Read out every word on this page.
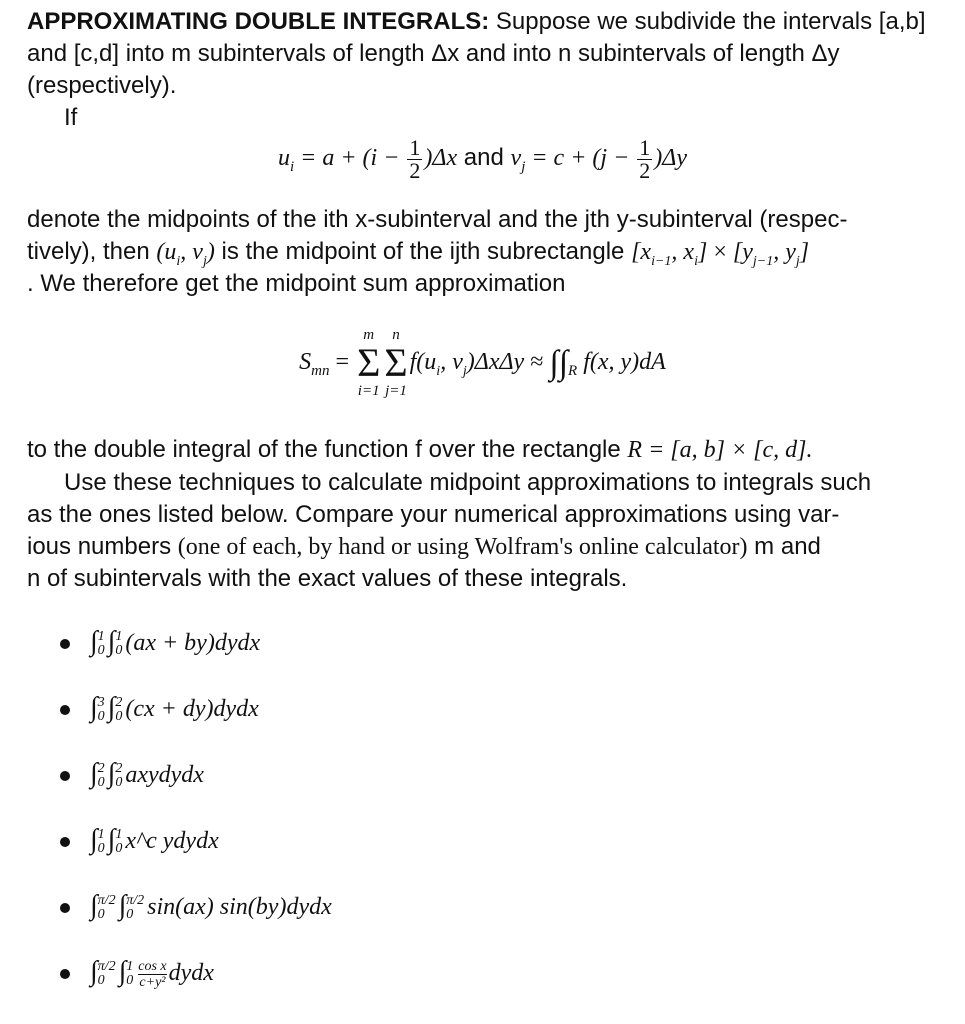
APPROXIMATING DOUBLE INTEGRALS: Suppose we subdivide the intervals [a,b] and [c,d] into m subintervals of length Δx and into n subintervals of length Δy (respectively).

If

$u_i = a + (i - \frac{1}{2} )\Delta x$ and $v_j = c + (j - \frac{1}{2} )\Delta y$

denote the midpoints of the ith x-subinterval and the jth y-subinterval (respec-

tively), then ($u_i$, $v_j$) is the midpoint of the ijth subrectangle [$x_{i-1}$, $x_i] \times [y_{j-1}$, $y_j$]

. We therefore get the midpoint sum approximation

$S_{mn}$ =
m
Σ
i=1
n
Σ
j=1
$f(u_i$, $v_j)\Delta x\Delta y \approx \int\int_R$ f(x, y)dA

to the double integral of the function f over the rectangle R = [a, b] × [c, d].

Use these techniques to calculate midpoint approximations to integrals such

as the ones listed below. Compare your numerical approximations using var-

ious numbers (one of each, by hand or using Wolfram's online calculator) m and

n of subintervals with the exact values of these integrals.

∫ 1
0 ∫ 1
0 (ax + by)dydx
∫ 3
0 ∫ 2
0 (cx + dy)dydx
∫ 2
0 ∫ 2
0 axydydx
∫ 1
0 ∫ 1
0 x^c ydydx
∫ π/2
0 ∫ π/2
0 sin(ax) sin(by)dydx
∫ π/2
0 ∫ 1
$0 \frac{\text{cos x}}{\text{c+y²}}$ dydx
